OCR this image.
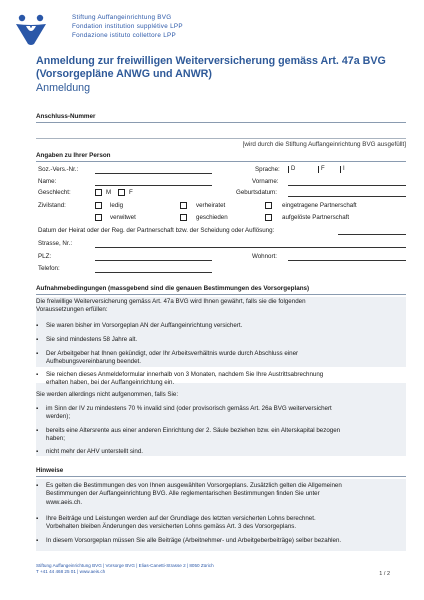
Stiftung Auffangeinrichtung BVG
Fondation institution supplétive LPP
Fondazione istituto collettore LPP
Anmeldung zur freiwilligen Weiterversicherung gemäss Art. 47a BVG
(Vorsorgepläne ANWG und ANWR)
Anmeldung
Anschluss-Nummer
[wird durch die Stiftung Auffangeinrichtung BVG ausgefüllt]
Angaben zu Ihrer Person
Soz.-Vers.-Nr.:	Sprache: D	F	I
Name:	Vorname:
Geschlecht:	M	F	Geburtsdatum:
Zivilstand:	ledig	verheiratet	eingetragene Partnerschaft
verwitwet	geschieden	aufgelöste Partnerschaft
Datum der Heirat oder der Reg. der Partnerschaft bzw. der Scheidung oder Auflösung:
Strasse, Nr.:
PLZ:	Wohnort:
Telefon:
Aufnahmebedingungen (massgebend sind die genauen Bestimmungen des Vorsorgeplans)
Die freiwillige Weiterversicherung gemäss Art. 47a BVG wird Ihnen gewährt, falls sie die folgenden
Voraussetzungen erfüllen:
▪ Sie waren bisher im Vorsorgeplan AN der Auffangeinrichtung versichert.
▪ Sie sind mindestens 58 Jahre alt.
▪ Der Arbeitgeber hat Ihnen gekündigt, oder Ihr Arbeitsverhältnis wurde durch Abschluss einer
Aufhebungsvereinbarung beendet.
▪ Sie reichen dieses Anmeldeformular innerhalb von 3 Monaten, nachdem Sie Ihre Austrittsabrechnung
erhalten haben, bei der Auffangeinrichtung ein.
Sie werden allerdings nicht aufgenommen, falls Sie:
▪ im Sinn der IV zu mindestens 70 % invalid sind (oder provisorisch gemäss Art. 26a BVG weiterversichert
werden);
▪ bereits eine Altersrente aus einer anderen Einrichtung der 2. Säule beziehen bzw. ein Alterskapital bezogen
haben;
▪ nicht mehr der AHV unterstellt sind.
Hinweise
▪ Es gelten die Bestimmungen des von Ihnen ausgewählten Vorsorgeplans. Zusätzlich gelten die Allgemeinen
Bestimmungen der Auffangeinrichtung BVG. Alle reglementarischen Bestimmungen finden Sie unter
www.aeis.ch.
▪ Ihre Beiträge und Leistungen werden auf der Grundlage des letzten versicherten Lohns berechnet.
Vorbehalten bleiben Änderungen des versicherten Lohns gemäss Art. 3 des Vorsorgeplans.
▪ In diesem Vorsorgeplan müssen Sie alle Beiträge (Arbeitnehmer- und Arbeitgeberbeiträge) selber bezahlen.
Stiftung Auffangeinrichtung BVG | Vorsorge BVG | Elias-Canetti-Strasse 2 | 8050 Zürich
T +41 44 468 25 01 | www.aeis.ch	1 / 2
